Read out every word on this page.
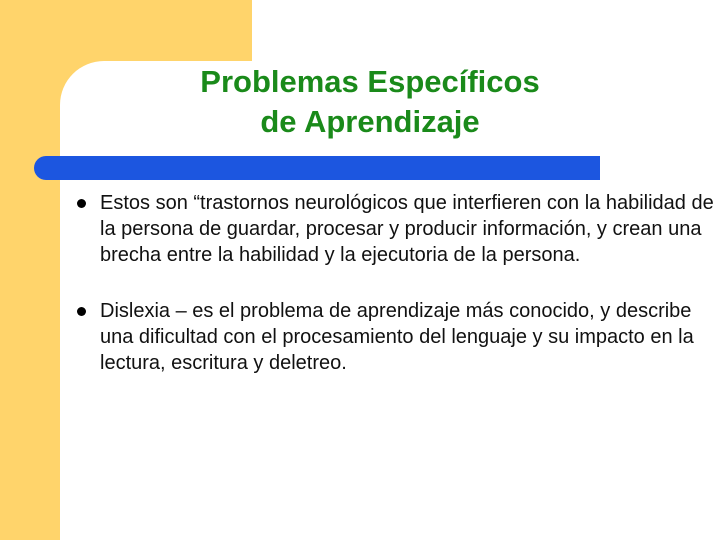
Problemas Específicos
de Aprendizaje
Estos son “trastornos neurológicos que interfieren con la habilidad de la persona de guardar, procesar y producir información, y crean una brecha entre la habilidad y la ejecutoria de la persona.
Dislexia – es el problema de aprendizaje más conocido, y describe una dificultad con el procesamiento del lenguaje y su impacto en la lectura, escritura y deletreo.
